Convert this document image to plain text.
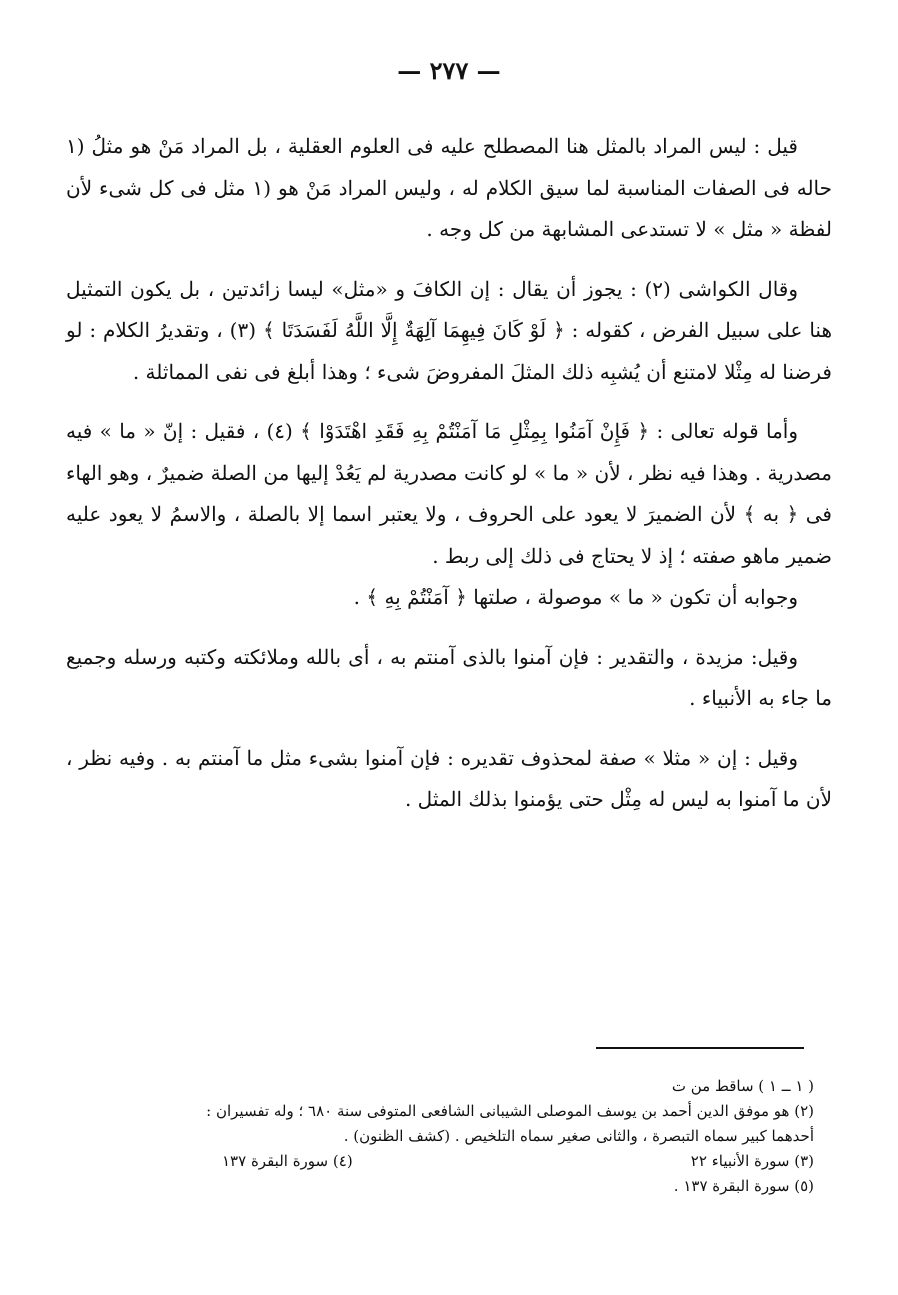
— ٢٧٧ —

قيل : ليس المراد بالمثل هنا المصطلح عليه فى العلوم العقلية ، بل المراد مَنْ هو مثلُ (١ حاله فى الصفات المناسبة لما سيق الكلام له ، وليس المراد مَنْ هو (١ مثل فى كل شىء لأن لفظة « مثل » لا تستدعى المشابهة من كل وجه .

وقال الكواشى (٢) : يجوز أن يقال : إن الكافَ و «مثل» ليسا زائدتين ، بل يكون التمثيل هنا على سبيل الفرض ، كقوله : ﴿ لَوْ كَانَ فِيهِمَا آلِهَةٌ إِلَّا اللَّهُ لَفَسَدَتَا ﴾ (٣) ، وتقديرُ الكلام : لو فرضنا له مِثْلا لامتنع أن يُشبِه ذلك المثلَ المفروضَ شىء ؛ وهذا أبلغ فى نفى المماثلة .

وأما قوله تعالى : ﴿ فَإِنْ آمَنُوا بِمِثْلِ مَا آمَنْتُمْ بِهِ فَقَدِ اهْتَدَوْا ﴾ (٤) ، فقيل : إنّ « ما » فيه مصدرية . وهذا فيه نظر ، لأن « ما » لو كانت مصدرية لم يَعُدْ إليها من الصلة ضميرٌ ، وهو الهاء فى ﴿ به ﴾ لأن الضميرَ لا يعود على الحروف ، ولا يعتبر اسما إلا بالصلة ، والاسمُ لا يعود عليه ضمير ماهو صفته ؛ إذ لا يحتاج فى ذلك إلى ربط .

وجوابه أن تكون « ما » موصولة ، صلتها ﴿ آمَنْتُمْ بِهِ ﴾ .

وقيل: مزيدة ، والتقدير : فإن آمنوا بالذى آمنتم به ، أى بالله وملائكته وكتبه ورسله وجميع ما جاء به الأنبياء .

وقيل : إن « مثلا » صفة لمحذوف تقديره : فإن آمنوا بشىء مثل ما آمنتم به . وفيه نظر ، لأن ما آمنوا به ليس له مِثْل حتى يؤمنوا بذلك المثل .

( ١ ــ ١ ) ساقط من ت

(٢) هو موفق الدين أحمد بن يوسف الموصلى الشيبانى الشافعى المتوفى سنة ٦٨٠ ؛ وله تفسيران :

أحدهما كبير سماه التبصرة ، والثانى صغير سماه التلخيص . (كشف الظنون) .

(٣) سورة الأنبياء ٢٢
(٤) سورة البقرة ١٣٧

(٥) سورة البقرة ١٣٧ .
